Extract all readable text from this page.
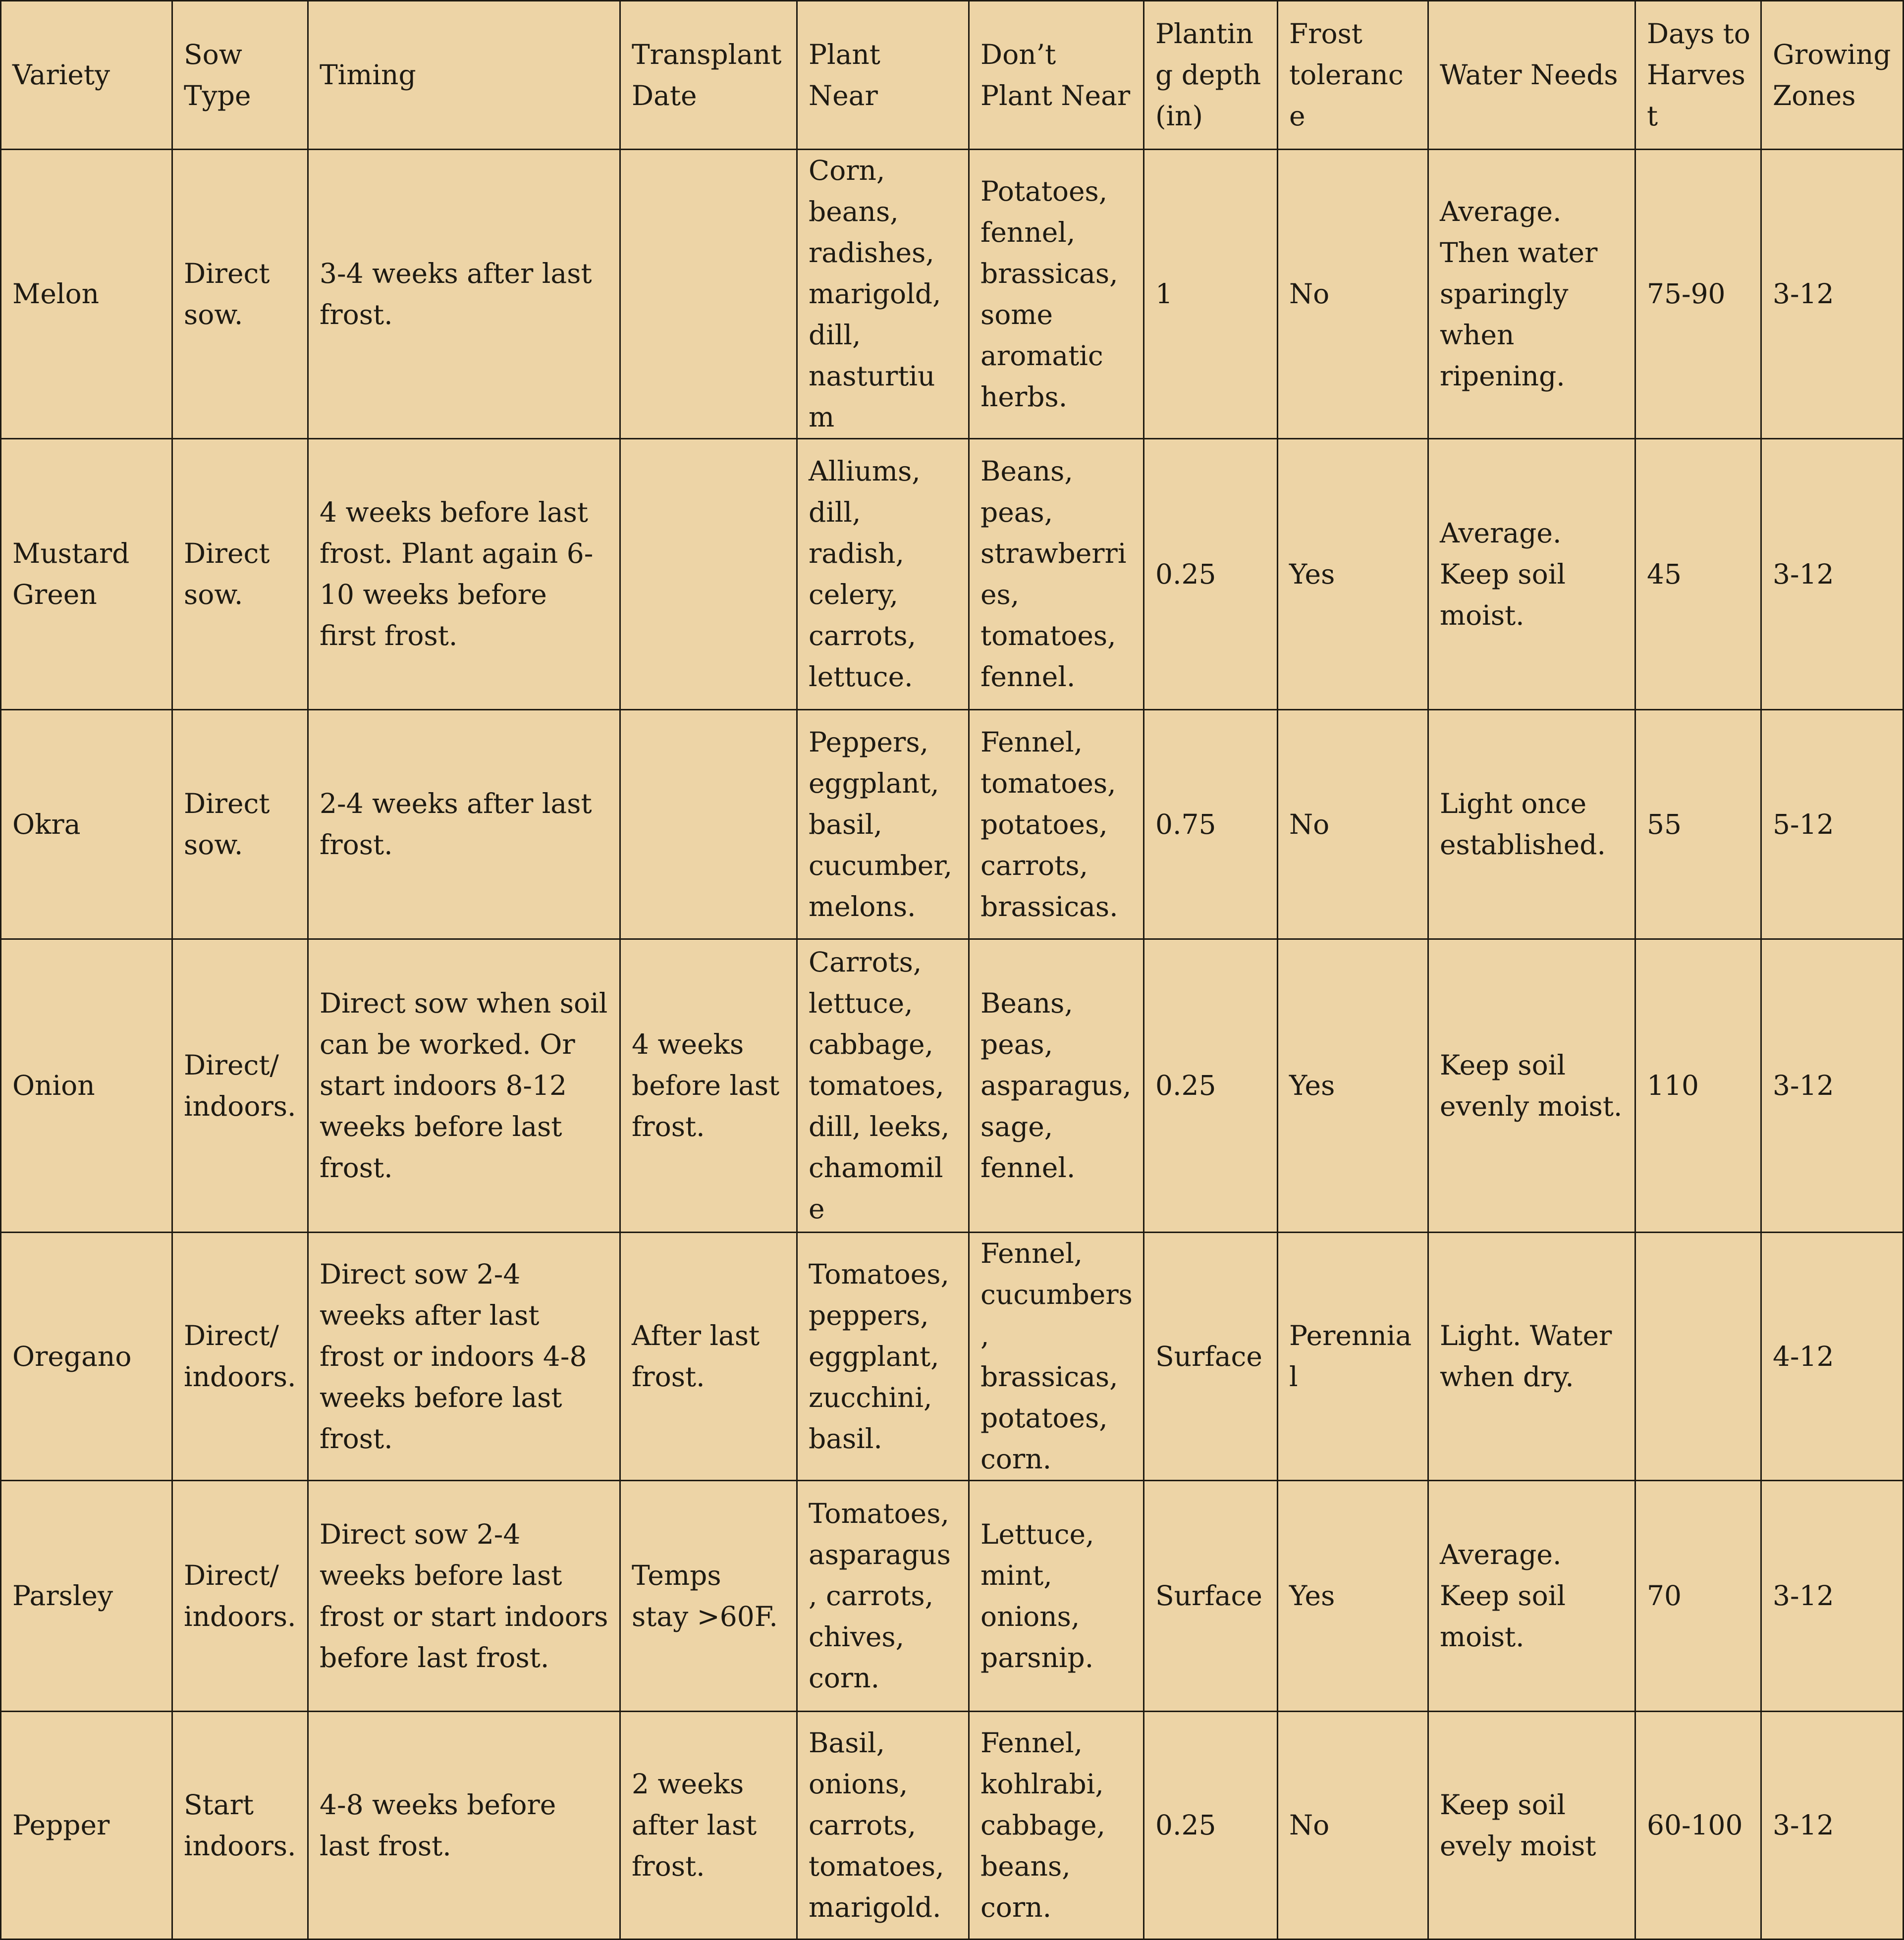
Variety	Sow Type	Timing	Transplant Date	Plant Near	Don’t Plant Near	Planting depth (in)	Frost tolerance	Water Needs	Days to Harvest	Growing Zones
Melon	Direct sow.	3-4 weeks after last frost.		Corn, beans, radishes, marigold, dill, nasturtium	Potatoes, fennel, brassicas, some aromatic herbs.	1	No	Average. Then water sparingly when ripening.	75-90	3-12
Mustard Green	Direct sow.	4 weeks before last frost. Plant again 6-10 weeks before first frost.		Alliums, dill, radish, celery, carrots, lettuce.	Beans, peas, strawberries, tomatoes, fennel.	0.25	Yes	Average. Keep soil moist.	45	3-12
Okra	Direct sow.	2-4 weeks after last frost.		Peppers, eggplant, basil, cucumber, melons.	Fennel, tomatoes, potatoes, carrots, brassicas.	0.75	No	Light once established.	55	5-12
Onion	Direct/ indoors.	Direct sow when soil can be worked. Or start indoors 8-12 weeks before last frost.	4 weeks before last frost.	Carrots, lettuce, cabbage, tomatoes, dill, leeks, chamomile	Beans, peas, asparagus, sage, fennel.	0.25	Yes	Keep soil evenly moist.	110	3-12
Oregano	Direct/ indoors.	Direct sow 2-4 weeks after last frost or indoors 4-8 weeks before last frost.	After last frost.	Tomatoes, peppers, eggplant, zucchini, basil.	Fennel, cucumbers, brassicas, potatoes, corn.	Surface	Perennial	Light. Water when dry.		4-12
Parsley	Direct/ indoors.	Direct sow 2-4 weeks before last frost or start indoors before last frost.	Temps stay >60F.	Tomatoes, asparagus, carrots, chives, corn.	Lettuce, mint, onions, parsnip.	Surface	Yes	Average. Keep soil moist.	70	3-12
Pepper	Start indoors.	4-8 weeks before last frost.	2 weeks after last frost.	Basil, onions, carrots, tomatoes, marigold.	Fennel, kohlrabi, cabbage, beans, corn.	0.25	No	Keep soil evely moist	60-100	3-12
